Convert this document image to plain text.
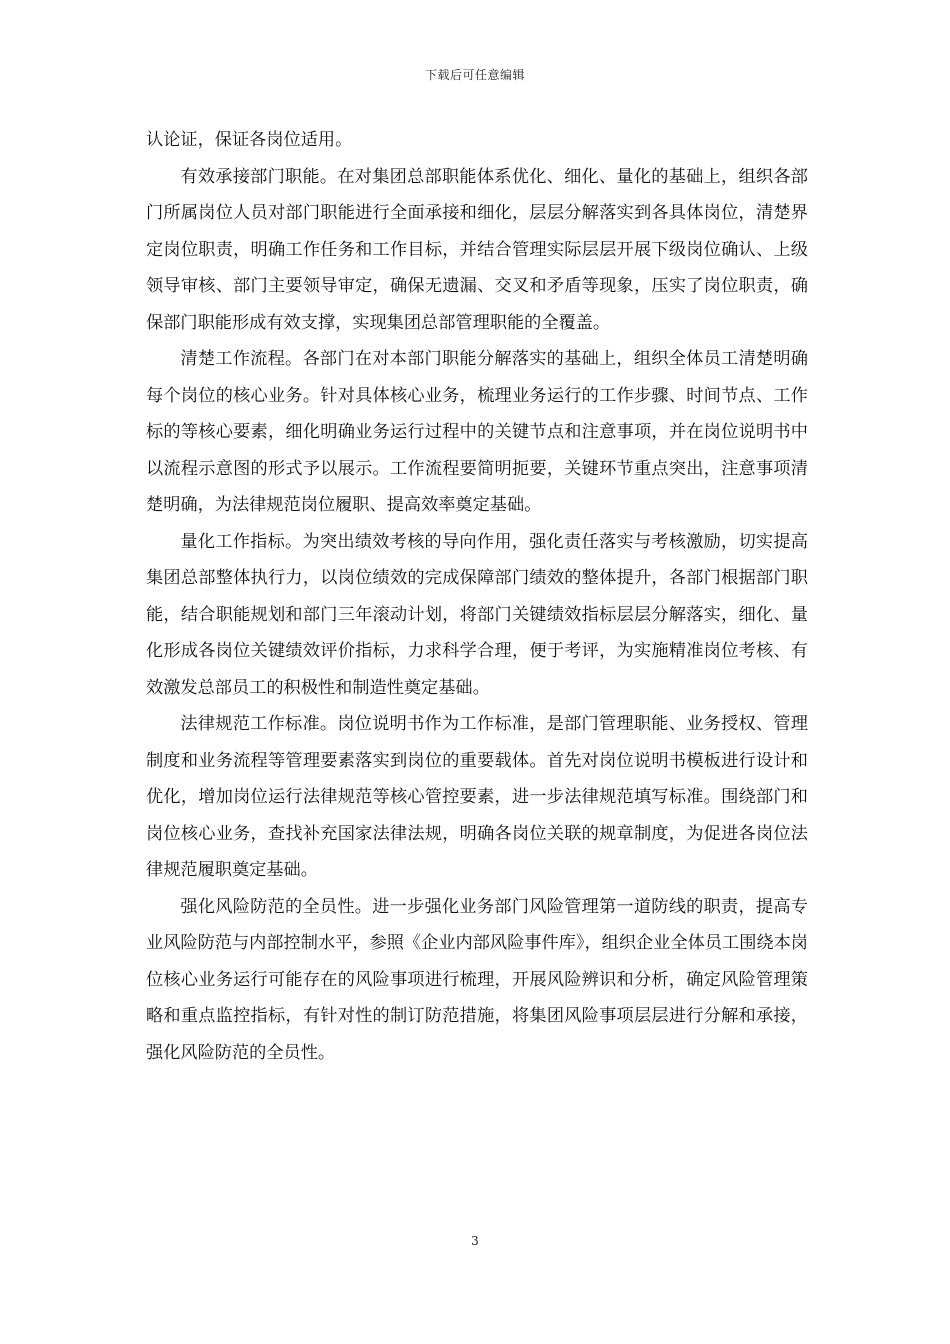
下载后可任意编辑

认论证，保证各岗位适用。

有效承接部门职能。在对集团总部职能体系优化、细化、量化的基础上，组织各部门所属岗位人员对部门职能进行全面承接和细化，层层分解落实到各具体岗位，清楚界定岗位职责，明确工作任务和工作目标，并结合管理实际层层开展下级岗位确认、上级领导审核、部门主要领导审定，确保无遗漏、交叉和矛盾等现象，压实了岗位职责，确保部门职能形成有效支撑，实现集团总部管理职能的全覆盖。

清楚工作流程。各部门在对本部门职能分解落实的基础上，组织全体员工清楚明确每个岗位的核心业务。针对具体核心业务，梳理业务运行的工作步骤、时间节点、工作标的等核心要素，细化明确业务运行过程中的关键节点和注意事项，并在岗位说明书中以流程示意图的形式予以展示。工作流程要简明扼要，关键环节重点突出，注意事项清楚明确，为法律规范岗位履职、提高效率奠定基础。

量化工作指标。为突出绩效考核的导向作用，强化责任落实与考核激励，切实提高集团总部整体执行力，以岗位绩效的完成保障部门绩效的整体提升，各部门根据部门职能，结合职能规划和部门三年滚动计划，将部门关键绩效指标层层分解落实，细化、量化形成各岗位关键绩效评价指标，力求科学合理，便于考评，为实施精准岗位考核、有效激发总部员工的积极性和制造性奠定基础。

法律规范工作标准。岗位说明书作为工作标准，是部门管理职能、业务授权、管理制度和业务流程等管理要素落实到岗位的重要载体。首先对岗位说明书模板进行设计和优化，增加岗位运行法律规范等核心管控要素，进一步法律规范填写标准。围绕部门和岗位核心业务，查找补充国家法律法规，明确各岗位关联的规章制度，为促进各岗位法律规范履职奠定基础。

强化风险防范的全员性。进一步强化业务部门风险管理第一道防线的职责，提高专业风险防范与内部控制水平，参照《企业内部风险事件库》，组织企业全体员工围绕本岗位核心业务运行可能存在的风险事项进行梳理，开展风险辨识和分析，确定风险管理策略和重点监控指标，有针对性的制订防范措施，将集团风险事项层层进行分解和承接，强化风险防范的全员性。

3
